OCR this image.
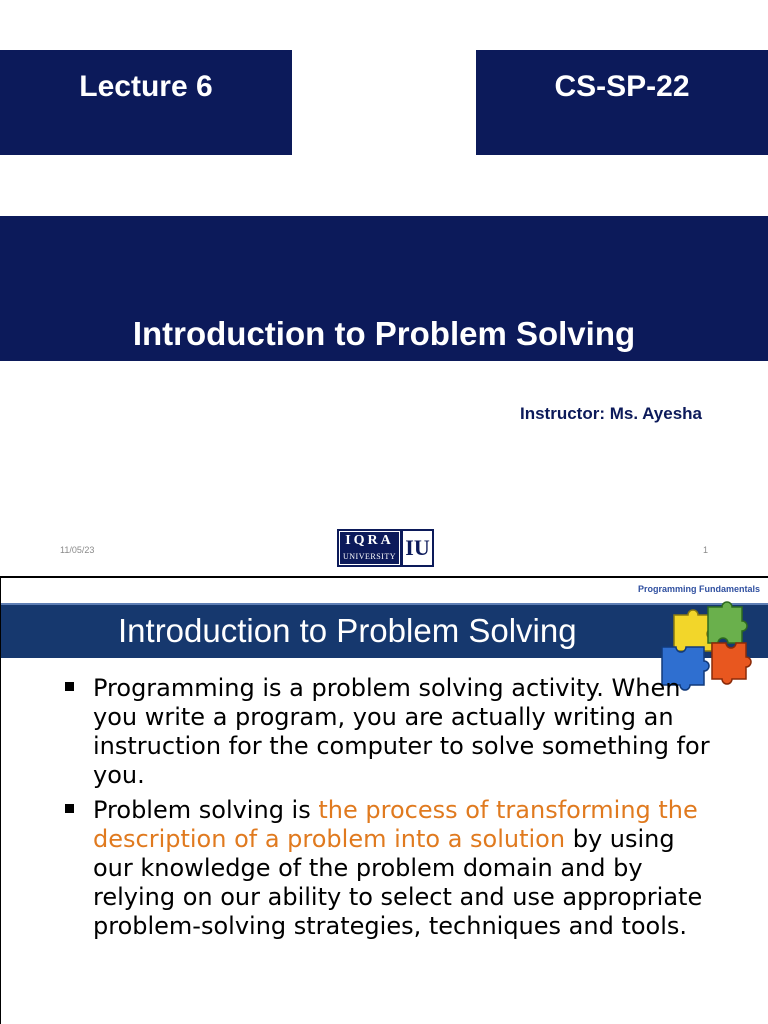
Lecture 6	CS-SP-22
Introduction to Problem Solving
Instructor: Ms. Ayesha
11/05/23
IQRA
UNIVERSITY IU	1
Programming Fundamentals
Introduction to Problem Solving
Programming is a problem solving activity. When you write a program, you are actually writing an instruction for the computer to solve something for you.
Problem solving is the process of transforming the description of a problem into a solution by using our knowledge of the problem domain and by relying on our ability to select and use appropriate problem-solving strategies, techniques and tools.
